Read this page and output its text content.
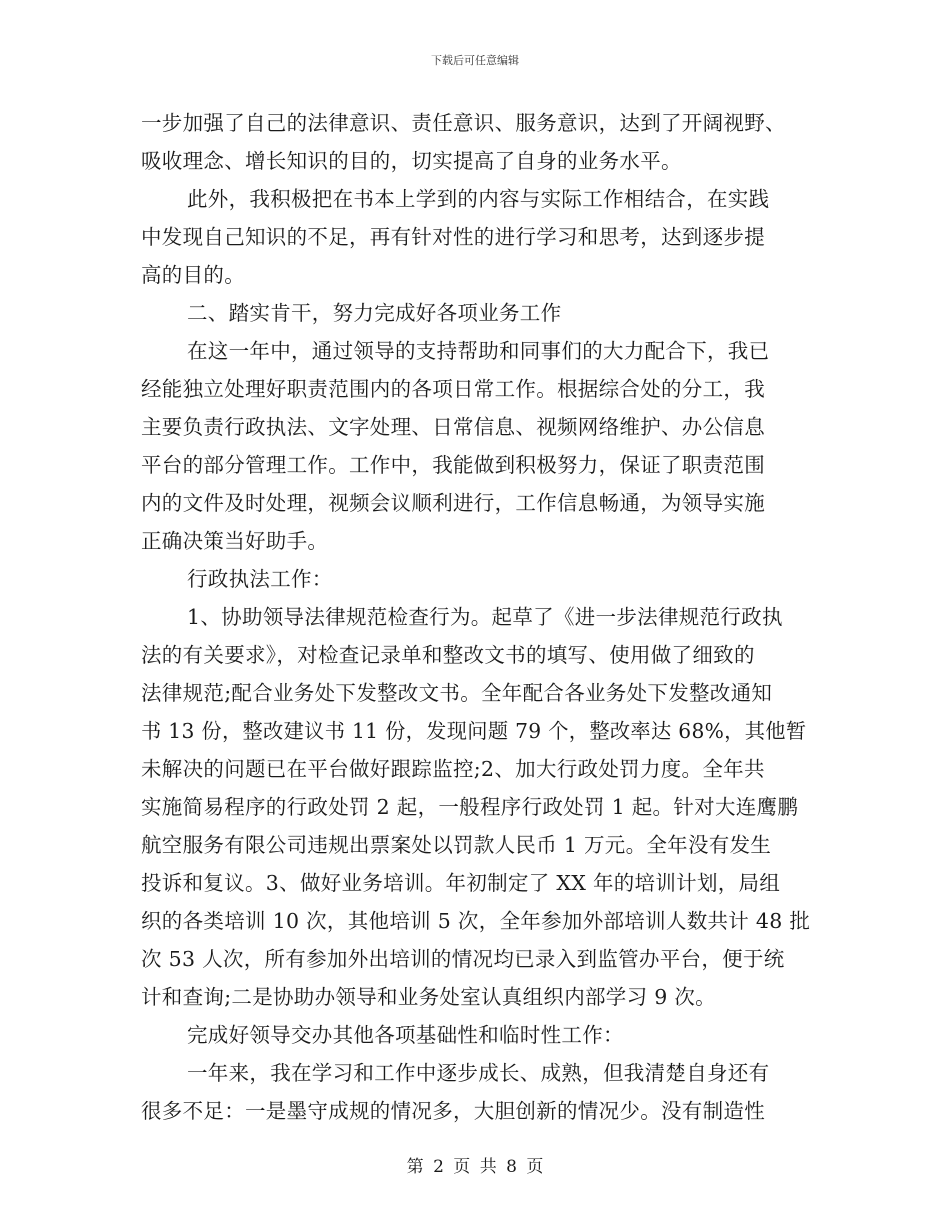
下载后可任意编辑
一步加强了自己的法律意识、责任意识、服务意识，达到了开阔视野、
吸收理念、增长知识的目的，切实提高了自身的业务水平。
此外，我积极把在书本上学到的内容与实际工作相结合，在实践
中发现自己知识的不足，再有针对性的进行学习和思考，达到逐步提
高的目的。
二、踏实肯干，努力完成好各项业务工作
在这一年中，通过领导的支持帮助和同事们的大力配合下，我已
经能独立处理好职责范围内的各项日常工作。根据综合处的分工，我
主要负责行政执法、文字处理、日常信息、视频网络维护、办公信息
平台的部分管理工作。工作中，我能做到积极努力，保证了职责范围
内的文件及时处理，视频会议顺利进行，工作信息畅通，为领导实施
正确决策当好助手。
行政执法工作：
1、协助领导法律规范检查行为。起草了《进一步法律规范行政执
法的有关要求》，对检查记录单和整改文书的填写、使用做了细致的
法律规范;配合业务处下发整改文书。全年配合各业务处下发整改通知
书 13 份，整改建议书 11 份，发现问题 79 个，整改率达 68%，其他暂
未解决的问题已在平台做好跟踪监控;2、加大行政处罚力度。全年共
实施简易程序的行政处罚 2 起，一般程序行政处罚 1 起。针对大连鹰鹏
航空服务有限公司违规出票案处以罚款人民币 1 万元。全年没有发生
投诉和复议。3、做好业务培训。年初制定了 XX 年的培训计划，局组
织的各类培训 10 次，其他培训 5 次，全年参加外部培训人数共计 48 批
次 53 人次，所有参加外出培训的情况均已录入到监管办平台，便于统
计和查询;二是协助办领导和业务处室认真组织内部学习 9 次。
完成好领导交办其他各项基础性和临时性工作：
一年来，我在学习和工作中逐步成长、成熟，但我清楚自身还有
很多不足：一是墨守成规的情况多，大胆创新的情况少。没有制造性
第 2 页 共 8 页
